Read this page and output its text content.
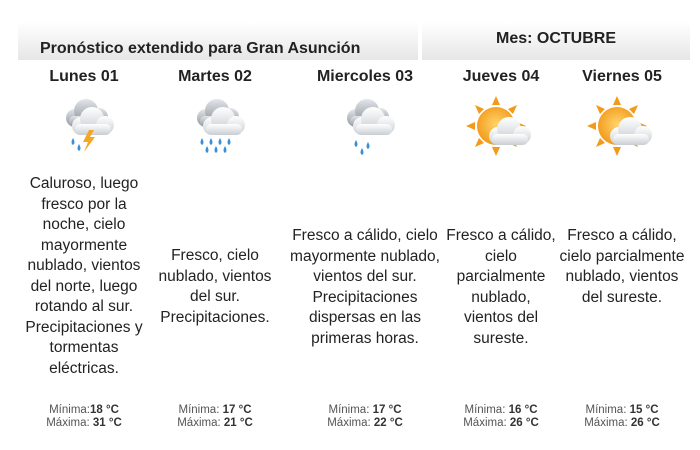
Pronóstico extendido para Gran Asunción
Mes: OCTUBRE
Lunes 01
Caluroso, luego fresco por la noche, cielo mayormente nublado, vientos del norte, luego rotando al sur. Precipitaciones y tormentas eléctricas.
Mínima:18 °C
Máxima: 31 °C
Martes 02
Fresco, cielo nublado, vientos del sur. Precipitaciones.
Mínima: 17 °C
Máxima: 21 °C
Miercoles 03
Fresco a cálido, cielo mayormente nublado, vientos del sur. Precipitaciones dispersas en las primeras horas.
Mínima: 17 °C
Máxima: 22 °C
Jueves 04
Fresco a cálido, cielo parcialmente nublado, vientos del sureste.
Mínima: 16 °C
Máxima: 26 °C
Viernes 05
Fresco a cálido, cielo parcialmente nublado, vientos del sureste.
Mínima: 15 °C
Máxima: 26 °C
